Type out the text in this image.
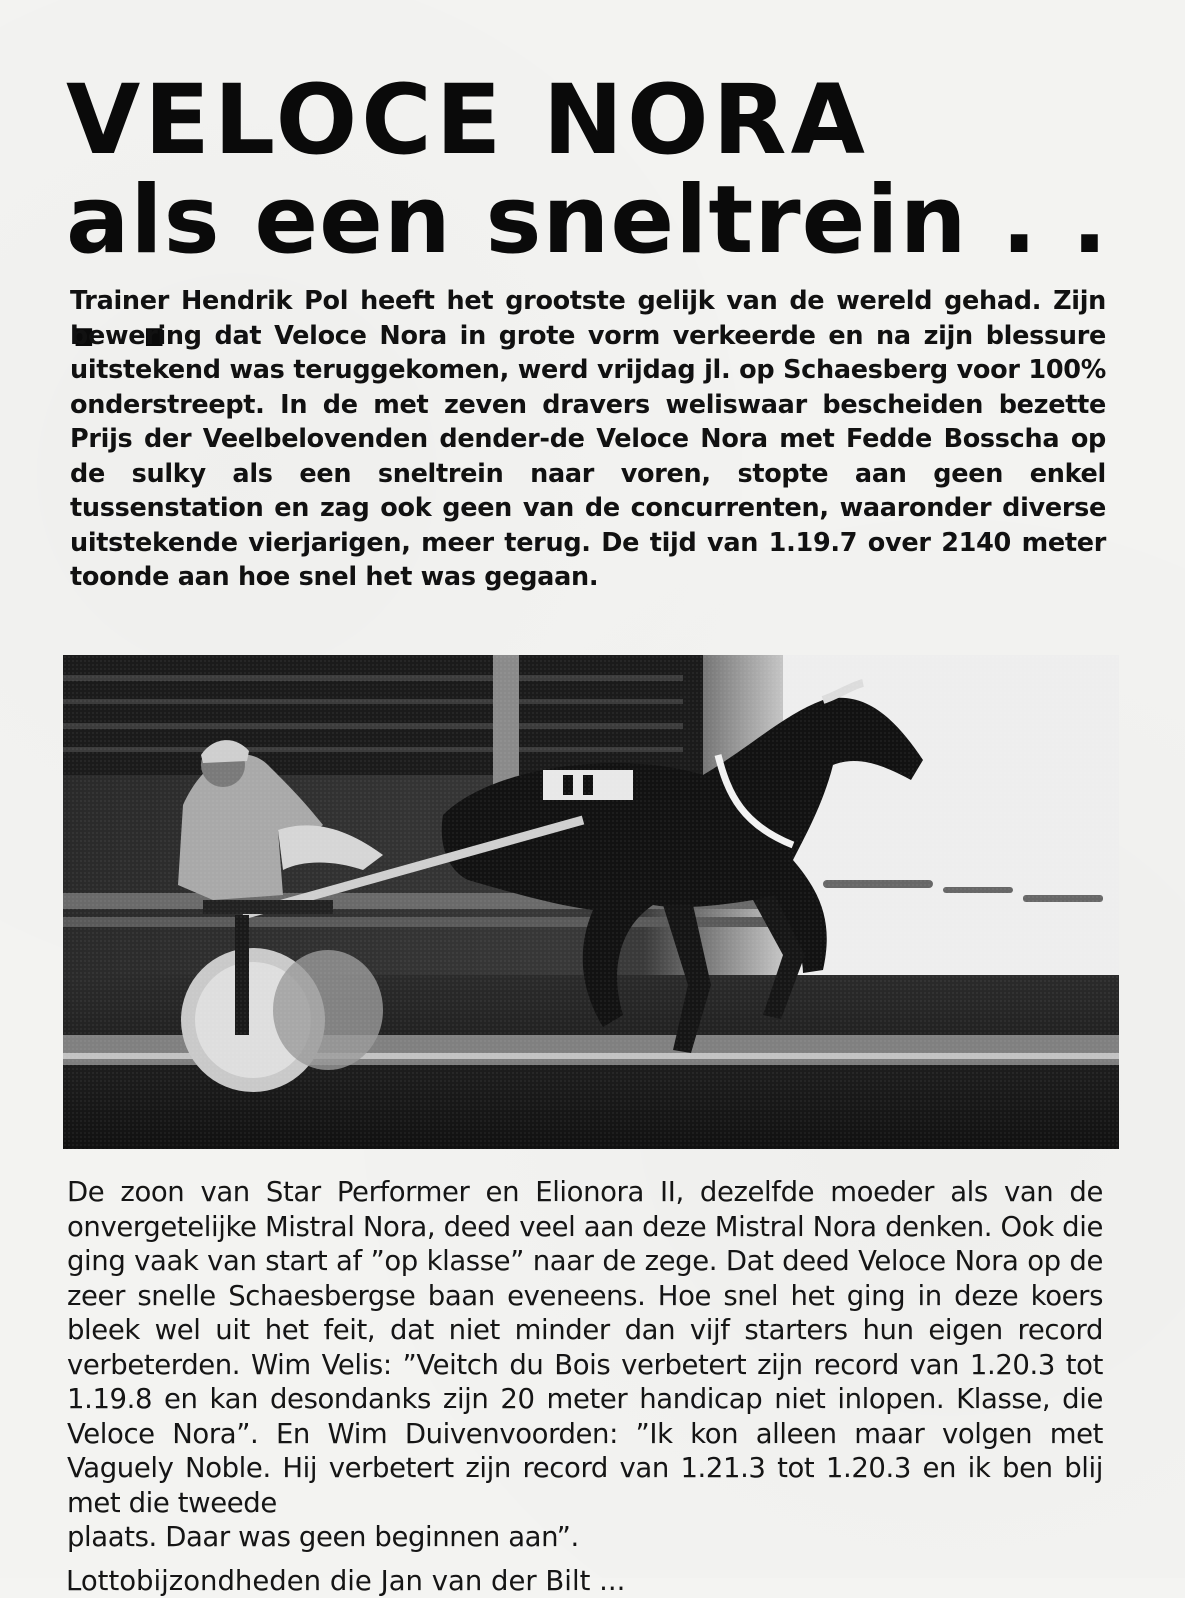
VELOCE NORA
als een sneltrein . . . .

Trainer Hendrik Pol heeft het grootste gelijk van de wereld gehad. Zijn bewering dat Veloce Nora in grote vorm verkeerde en na zijn blessure uitstekend was teruggekomen, werd vrijdag jl. op Schaesberg voor 100% onderstreept. In de met zeven dravers weliswaar bescheiden bezette Prijs der Veelbelovenden dender-de Veloce Nora met Fedde Bosscha op de sulky als een sneltrein naar voren, stopte aan geen enkel tussenstation en zag ook geen van de concurrenten, waaronder diverse uitstekende vierjarigen, meer terug. De tijd van 1.19.7 over 2140 meter toonde aan hoe snel het was gegaan.

De zoon van Star Performer en Elionora II, dezelfde moeder als van de onvergetelijke Mistral Nora, deed veel aan deze Mistral Nora denken. Ook die ging vaak van start af ”op klasse” naar de zege. Dat deed Veloce Nora op de zeer snelle Schaesbergse baan eveneens. Hoe snel het ging in deze koers bleek wel uit het feit, dat niet minder dan vijf starters hun eigen record verbeterden. Wim Velis: ”Veitch du Bois verbetert zijn record van 1.20.3 tot 1.19.8 en kan desondanks zijn 20 meter handicap niet inlopen. Klasse, die Veloce Nora”. En Wim Duivenvoorden: ”Ik kon alleen maar volgen met Vaguely Noble. Hij verbetert zijn record van 1.21.3 tot 1.20.3 en ik ben blij met die tweede
plaats. Daar was geen beginnen aan”.

Lottobijzondheden die Jan van der Bilt ...
